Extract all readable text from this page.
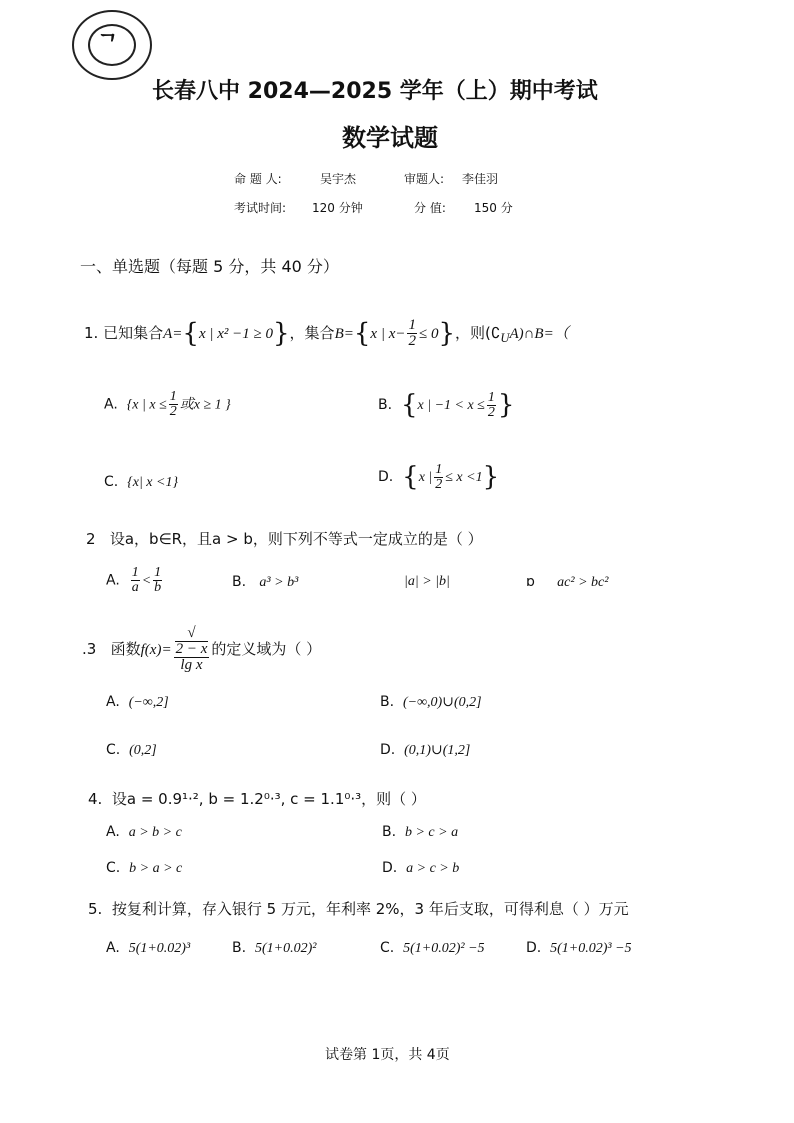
ᄀ
长春八中 2024—2025 学年（上）期中考试
数学试题
命 题 人:	吴宇杰	审题人: 李佳羽
考试时间: 120 分钟	分 值: 150 分
一、单选题（每题 5 分，共 40 分）
1. 已知集合A={x | x² −1 ≥ 0}，集合B={x | $x- \frac{1}{2} \le 0$}，则$(∁_UA)\cap B=$（
A. {x | $x \le \frac{1}{2}$ 或x ≥ 1 }	B. {x | $-1 < x \le \frac{1}{2}$ }
C. {x| x <1}	D. {x | $\frac{1}{2} \le x <1$}
2 设a，b∈R，且a > b，则下列不等式一定成立的是（ ）
A. $\frac{1}{a} < \frac{1}{b}$	B. a³ > b³	|a| > |b|	ɒ ac² > bc²
.3 函数f(x)= √
2 − x
lg x 的定义域为（ ）
A. (−∞,2]	B. (−∞,0)∪(0,2]
C. (0,2]	D. (0,1)∪(1,2]
4. 设a = 0.9¹·², b = 1.2⁰·³, c = 1.1⁰·³，则（ ）
A. a > b > c	B. b > c > a
C. b > a > c	D. a > c > b
5. 按复利计算，存入银行 5 万元，年利率 2%，3 年后支取，可得利息（ ）万元
A. 5(1+0.02)³	B. 5(1+0.02)²	C. 5(1+0.02)² −5	D. 5(1+0.02)³ −5
试卷第 1页，共 4页
